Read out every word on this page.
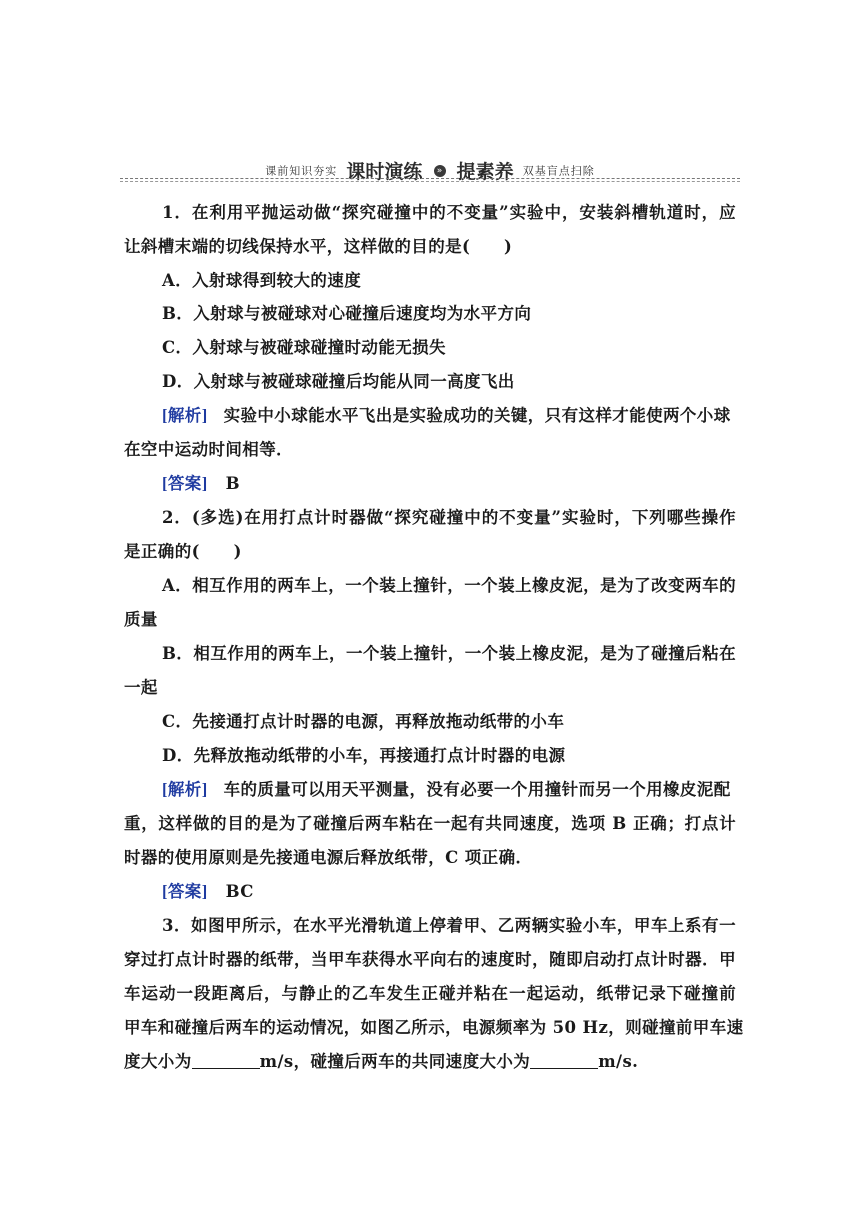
课前知识夯实 课时演练 » 提素养 双基盲点扫除
1．在利用平抛运动做“探究碰撞中的不变量”实验中，安装斜槽轨道时，应
让斜槽末端的切线保持水平，这样做的目的是(　　)
A．入射球得到较大的速度
B．入射球与被碰球对心碰撞后速度均为水平方向
C．入射球与被碰球碰撞时动能无损失
D．入射球与被碰球碰撞后均能从同一高度飞出
[解析] 实验中小球能水平飞出是实验成功的关键，只有这样才能使两个小球
在空中运动时间相等．
[答案] B
2．(多选)在用打点计时器做“探究碰撞中的不变量”实验时，下列哪些操作
是正确的(　　)
A．相互作用的两车上，一个装上撞针，一个装上橡皮泥，是为了改变两车的
质量
B．相互作用的两车上，一个装上撞针，一个装上橡皮泥，是为了碰撞后粘在
一起
C．先接通打点计时器的电源，再释放拖动纸带的小车
D．先释放拖动纸带的小车，再接通打点计时器的电源
[解析] 车的质量可以用天平测量，没有必要一个用撞针而另一个用橡皮泥配
重，这样做的目的是为了碰撞后两车粘在一起有共同速度，选项 B 正确；打点计
时器的使用原则是先接通电源后释放纸带，C 项正确．
[答案] BC
3．如图甲所示，在水平光滑轨道上停着甲、乙两辆实验小车，甲车上系有一
穿过打点计时器的纸带，当甲车获得水平向右的速度时，随即启动打点计时器．甲
车运动一段距离后，与静止的乙车发生正碰并粘在一起运动，纸带记录下碰撞前
甲车和碰撞后两车的运动情况，如图乙所示，电源频率为 50 Hz，则碰撞前甲车速
度大小为	m/s，碰撞后两车的共同速度大小为	m/s.
